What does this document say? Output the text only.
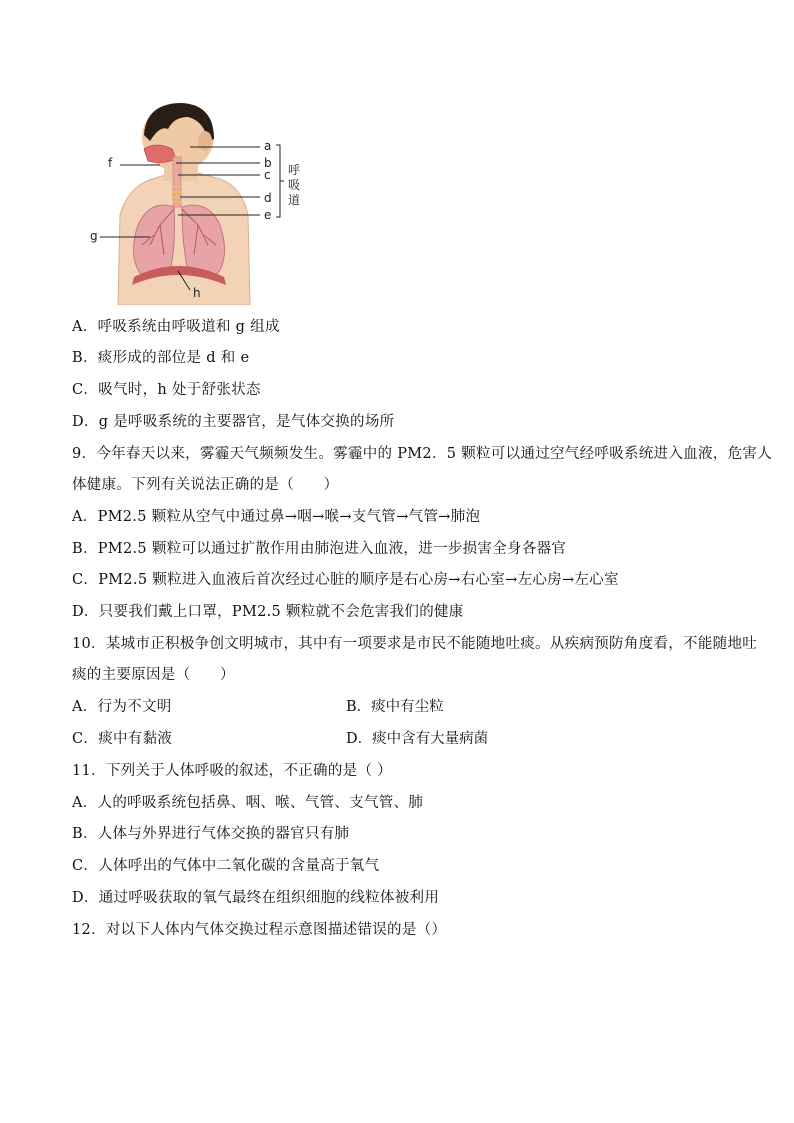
a
b
c
d
e
f
g
h
呼
吸
道
A．呼吸系统由呼吸道和 g 组成
B．痰形成的部位是 d 和 e
C．吸气时，h 处于舒张状态
D．g 是呼吸系统的主要器官，是气体交换的场所
9．今年春天以来，雾霾天气频频发生。雾霾中的 PM2．5 颗粒可以通过空气经呼吸系统进入血液，危害人
体健康。下列有关说法正确的是（　　）
A．PM2.5 颗粒从空气中通过鼻→咽→喉→支气管→气管→肺泡
B．PM2.5 颗粒可以通过扩散作用由肺泡进入血液，进一步损害全身各器官
C．PM2.5 颗粒进入血液后首次经过心脏的顺序是右心房→右心室→左心房→左心室
D．只要我们戴上口罩，PM2.5 颗粒就不会危害我们的健康
10．某城市正积极争创文明城市，其中有一项要求是市民不能随地吐痰。从疾病预防角度看，不能随地吐
痰的主要原因是（　　）
A．行为不文明	B．痰中有尘粒
C．痰中有黏液	D．痰中含有大量病菌
11．下列关于人体呼吸的叙述，不正确的是（ ）
A．人的呼吸系统包括鼻、咽、喉、气管、支气管、肺
B．人体与外界进行气体交换的器官只有肺
C．人体呼出的气体中二氧化碳的含量高于氧气
D．通过呼吸获取的氧气最终在组织细胞的线粒体被利用
12．对以下人体内气体交换过程示意图描述错误的是（）
